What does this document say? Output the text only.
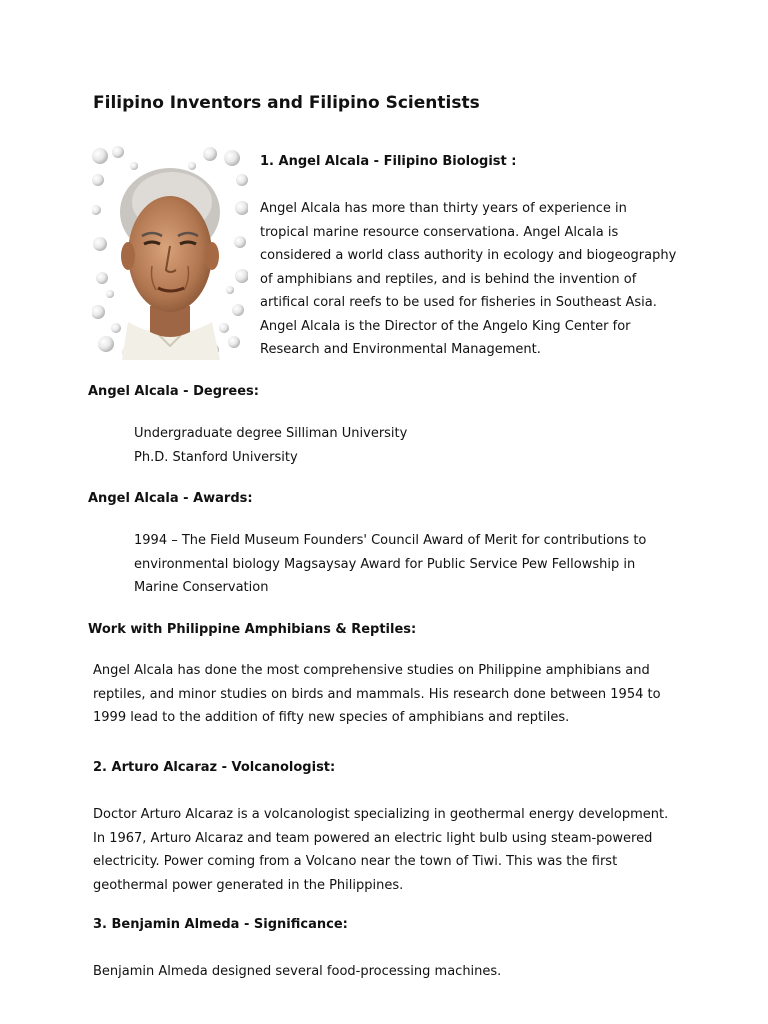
Filipino Inventors and Filipino Scientists
1. Angel Alcala - Filipino Biologist :
Angel Alcala has more than thirty years of experience in
tropical marine resource conservationa. Angel Alcala is
considered a world class authority in ecology and biogeography
of amphibians and reptiles, and is behind the invention of
artifical coral reefs to be used for fisheries in Southeast Asia.
Angel Alcala is the Director of the Angelo King Center for
Research and Environmental Management.
Angel Alcala - Degrees:
Undergraduate degree Silliman University
Ph.D. Stanford University
Angel Alcala - Awards:
1994 – The Field Museum Founders' Council Award of Merit for contributions to
environmental biology Magsaysay Award for Public Service Pew Fellowship in
Marine Conservation
Work with Philippine Amphibians & Reptiles:
Angel Alcala has done the most comprehensive studies on Philippine amphibians and
reptiles, and minor studies on birds and mammals. His research done between 1954 to
1999 lead to the addition of fifty new species of amphibians and reptiles.
2. Arturo Alcaraz - Volcanologist:
Doctor Arturo Alcaraz is a volcanologist specializing in geothermal energy development.
In 1967, Arturo Alcaraz and team powered an electric light bulb using steam-powered
electricity. Power coming from a Volcano near the town of Tiwi. This was the first
geothermal power generated in the Philippines.
3. Benjamin Almeda - Significance:
Benjamin Almeda designed several food-processing machines.
